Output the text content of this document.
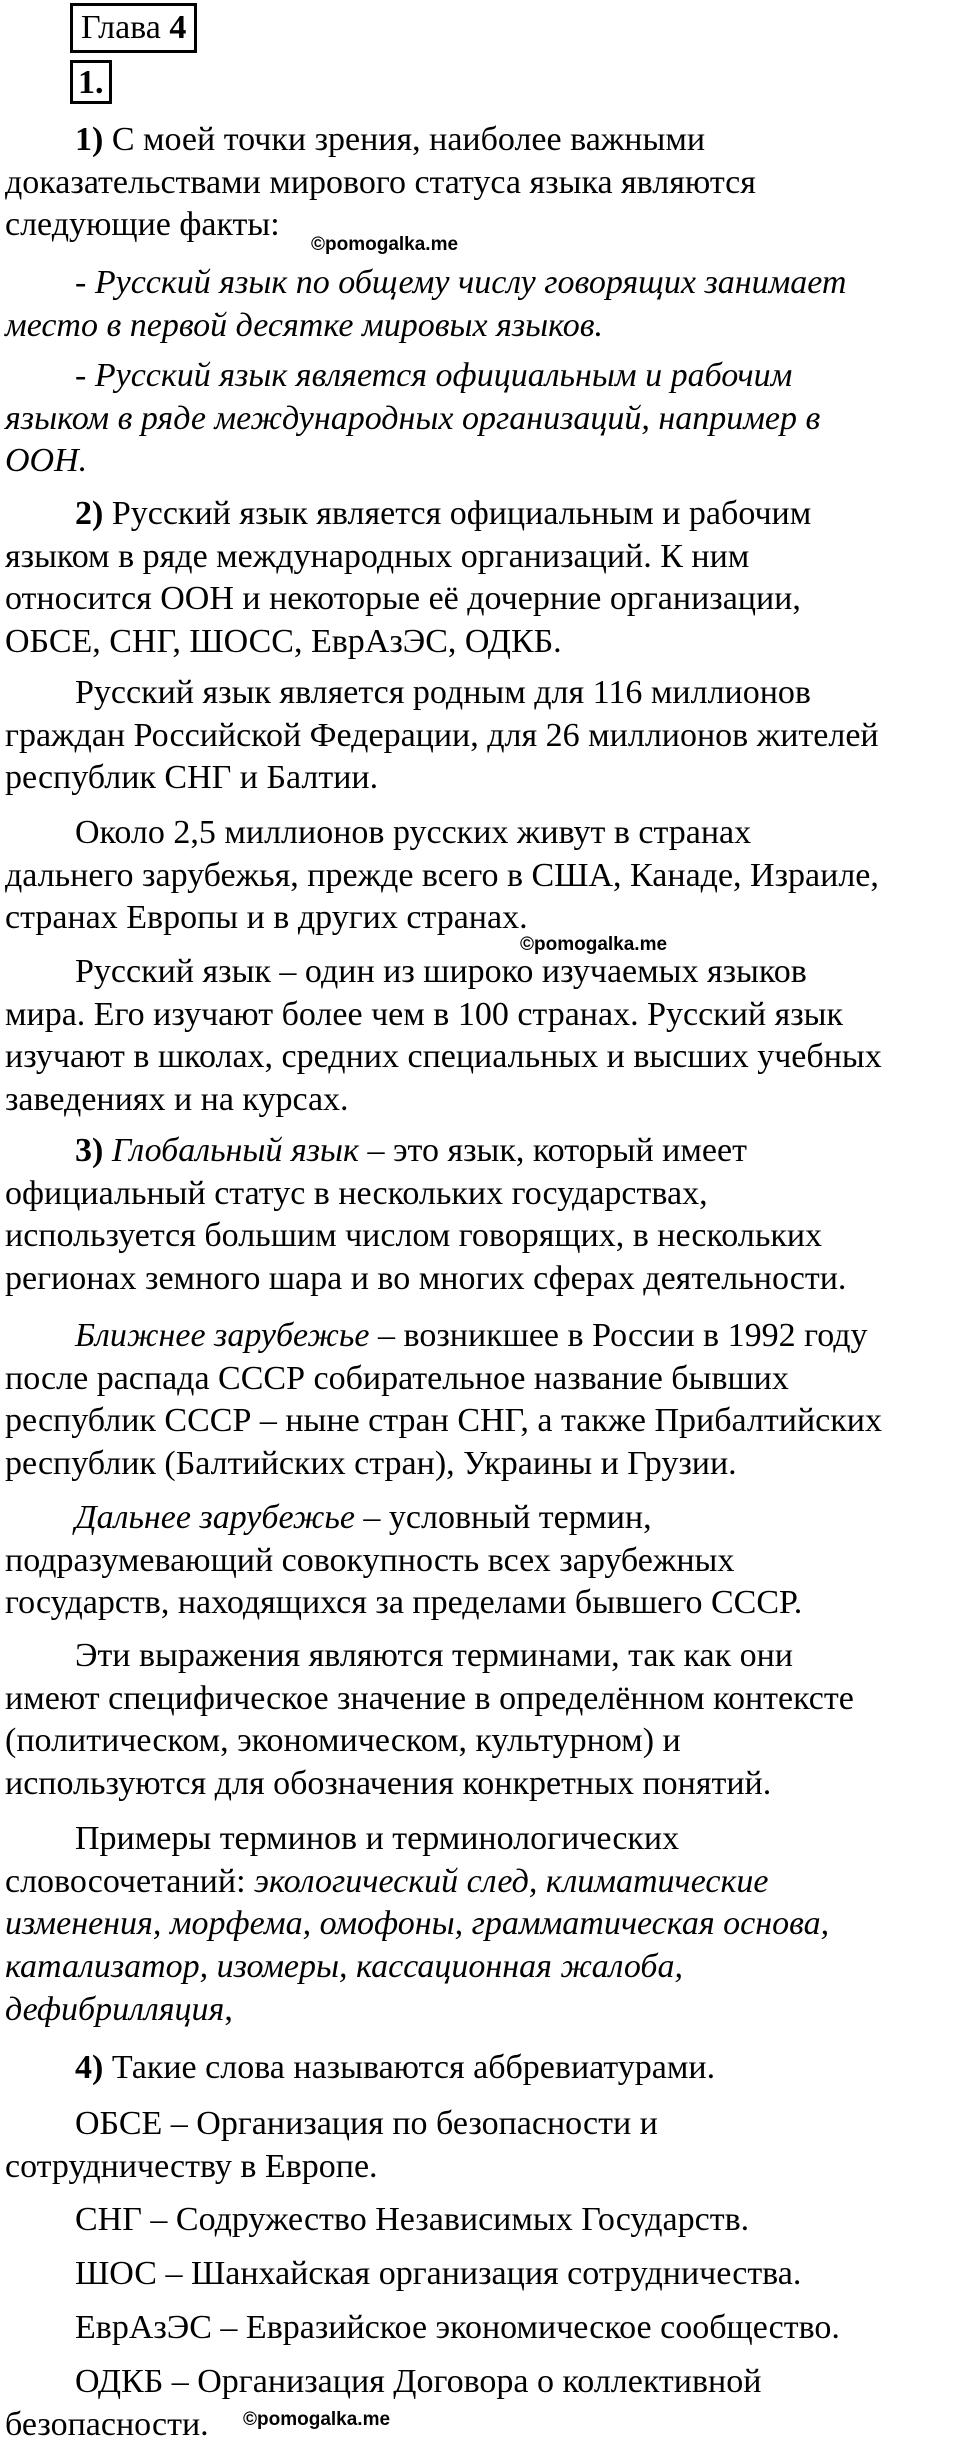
Глава 4
1.
1) С моей точки зрения, наиболее важными
доказательствами мирового статуса языка являются
следующие факты:
- Русский язык по общему числу говорящих занимает
место в первой десятке мировых языков.
- Русский язык является официальным и рабочим
языком в ряде международных организаций, например в
ООН.
2) Русский язык является официальным и рабочим
языком в ряде международных организаций. К ним
относится ООН и некоторые её дочерние организации,
ОБСЕ, СНГ, ШОСС, ЕврАзЭС, ОДКБ.
Русский язык является родным для 116 миллионов
граждан Российской Федерации, для 26 миллионов жителей
республик СНГ и Балтии.
Около 2,5 миллионов русских живут в странах
дальнего зарубежья, прежде всего в США, Канаде, Израиле,
странах Европы и в других странах.
Русский язык – один из широко изучаемых языков
мира. Его изучают более чем в 100 странах. Русский язык
изучают в школах, средних специальных и высших учебных
заведениях и на курсах.
3) Глобальный язык – это язык, который имеет
официальный статус в нескольких государствах,
используется большим числом говорящих, в нескольких
регионах земного шара и во многих сферах деятельности.
Ближнее зарубежье – возникшее в России в 1992 году
после распада СССР собирательное название бывших
республик СССР – ныне стран СНГ, а также Прибалтийских
республик (Балтийских стран), Украины и Грузии.
Дальнее зарубежье – условный термин,
подразумевающий совокупность всех зарубежных
государств, находящихся за пределами бывшего СССР.
Эти выражения являются терминами, так как они
имеют специфическое значение в определённом контексте
(политическом, экономическом, культурном) и
используются для обозначения конкретных понятий.
Примеры терминов и терминологических
словосочетаний: экологический след, климатические
изменения, морфема, омофоны, грамматическая основа,
катализатор, изомеры, кассационная жалоба,
дефибрилляция,
4) Такие слова называются аббревиатурами.
ОБСЕ – Организация по безопасности и
сотрудничеству в Европе.
СНГ – Содружество Независимых Государств.
ШОС – Шанхайская организация сотрудничества.
ЕврАзЭС – Евразийское экономическое сообщество.
ОДКБ – Организация Договора о коллективной
безопасности.
©pomogalka.me
©pomogalka.me
©pomogalka.me
